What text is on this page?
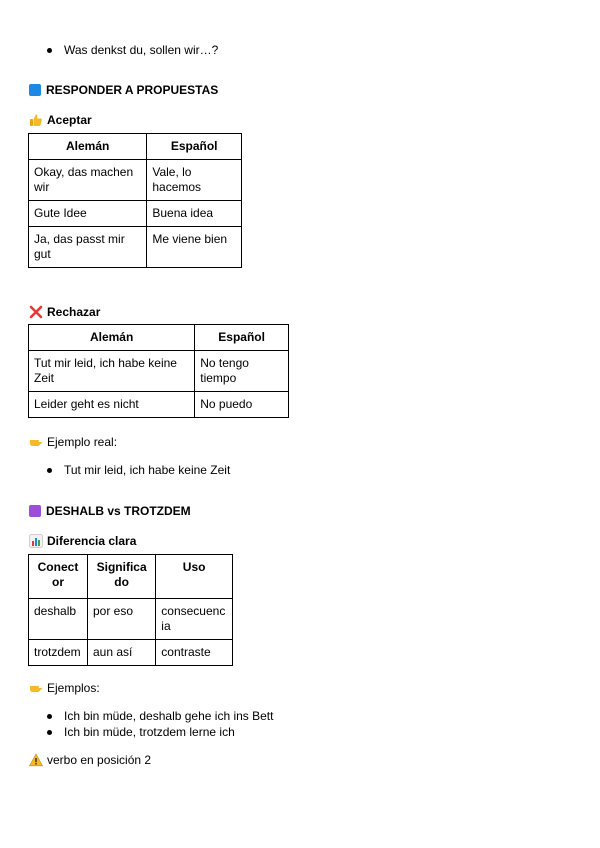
Was denkst du, sollen wir…?
RESPONDER A PROPUESTAS
Aceptar
Alemán	Español
Okay, das machen wir	Vale, lo hacemos
Gute Idee	Buena idea
Ja, das passt mir gut	Me viene bien
Rechazar
Alemán	Español
Tut mir leid, ich habe keine Zeit	No tengo tiempo
Leider geht es nicht	No puedo
Ejemplo real:
Tut mir leid, ich habe keine Zeit
DESHALB vs TROTZDEM
Diferencia clara
Conector	Significado	Uso
deshalb	por eso	consecuencia
trotzdem	aun así	contraste
Ejemplos:
Ich bin müde, deshalb gehe ich ins Bett
Ich bin müde, trotzdem lerne ich
verbo en posición 2
